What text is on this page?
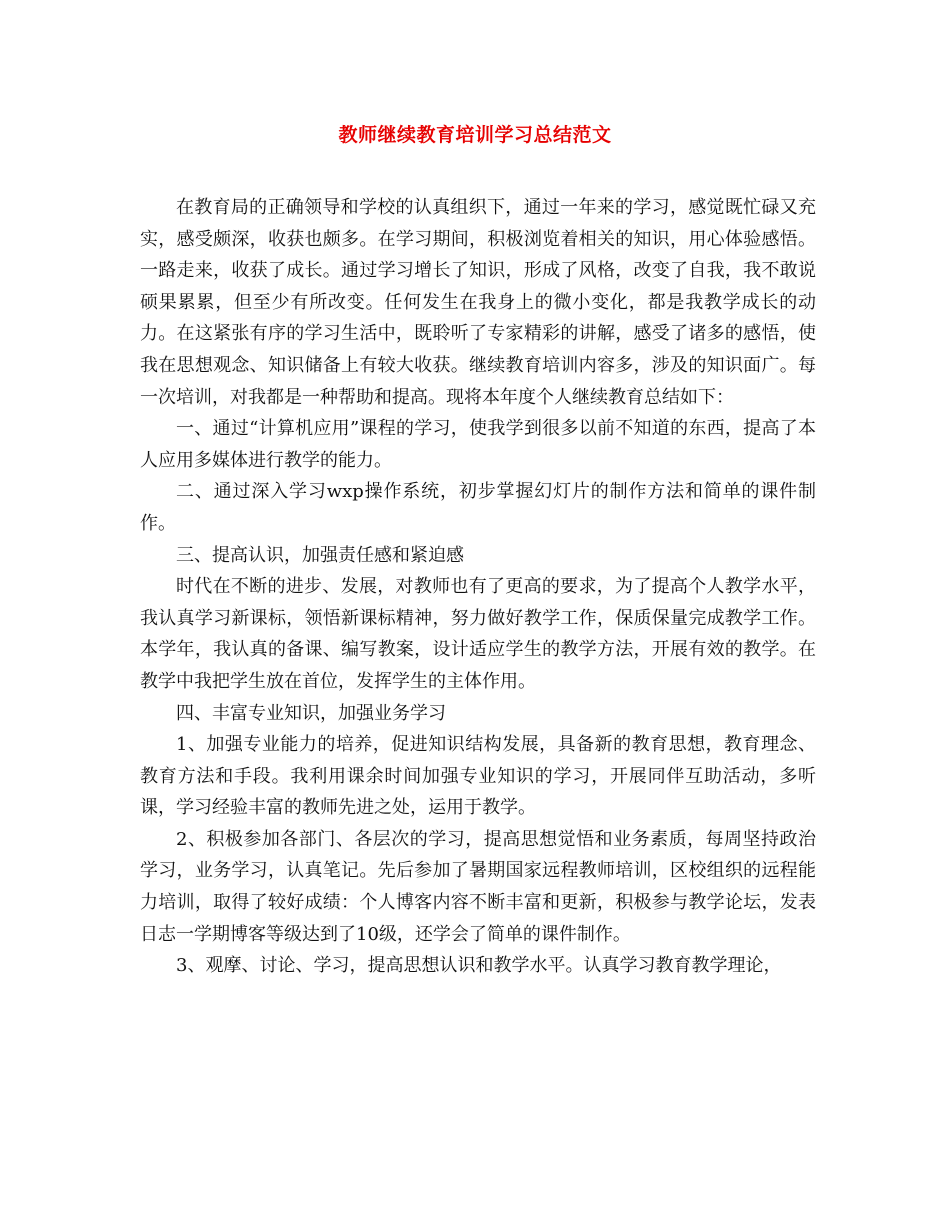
教师继续教育培训学习总结范文

在教育局的正确领导和学校的认真组织下，通过一年来的学习，感觉既忙碌又充实，感受颇深，收获也颇多。在学习期间，积极浏览着相关的知识，用心体验感悟。一路走来，收获了成长。通过学习增长了知识，形成了风格，改变了自我，我不敢说硕果累累，但至少有所改变。任何发生在我身上的微小变化，都是我教学成长的动力。在这紧张有序的学习生活中，既聆听了专家精彩的讲解，感受了诸多的感悟，使我在思想观念、知识储备上有较大收获。继续教育培训内容多，涉及的知识面广。每一次培训，对我都是一种帮助和提高。现将本年度个人继续教育总结如下：

一、通过“计算机应用”课程的学习，使我学到很多以前不知道的东西，提高了本人应用多媒体进行教学的能力。

二、通过深入学习wxp操作系统，初步掌握幻灯片的制作方法和简单的课件制作。

三、提高认识，加强责任感和紧迫感

时代在不断的进步、发展，对教师也有了更高的要求，为了提高个人教学水平，我认真学习新课标，领悟新课标精神，努力做好教学工作，保质保量完成教学工作。本学年，我认真的备课、编写教案，设计适应学生的教学方法，开展有效的教学。在教学中我把学生放在首位，发挥学生的主体作用。

四、丰富专业知识，加强业务学习

1、加强专业能力的培养，促进知识结构发展，具备新的教育思想，教育理念、教育方法和手段。我利用课余时间加强专业知识的学习，开展同伴互助活动，多听课，学习经验丰富的教师先进之处，运用于教学。

2、积极参加各部门、各层次的学习，提高思想觉悟和业务素质，每周坚持政治学习，业务学习，认真笔记。先后参加了暑期国家远程教师培训，区校组织的远程能力培训，取得了较好成绩：个人博客内容不断丰富和更新，积极参与教学论坛，发表日志一学期博客等级达到了10级，还学会了简单的课件制作。

3、观摩、讨论、学习，提高思想认识和教学水平。认真学习教育教学理论，
